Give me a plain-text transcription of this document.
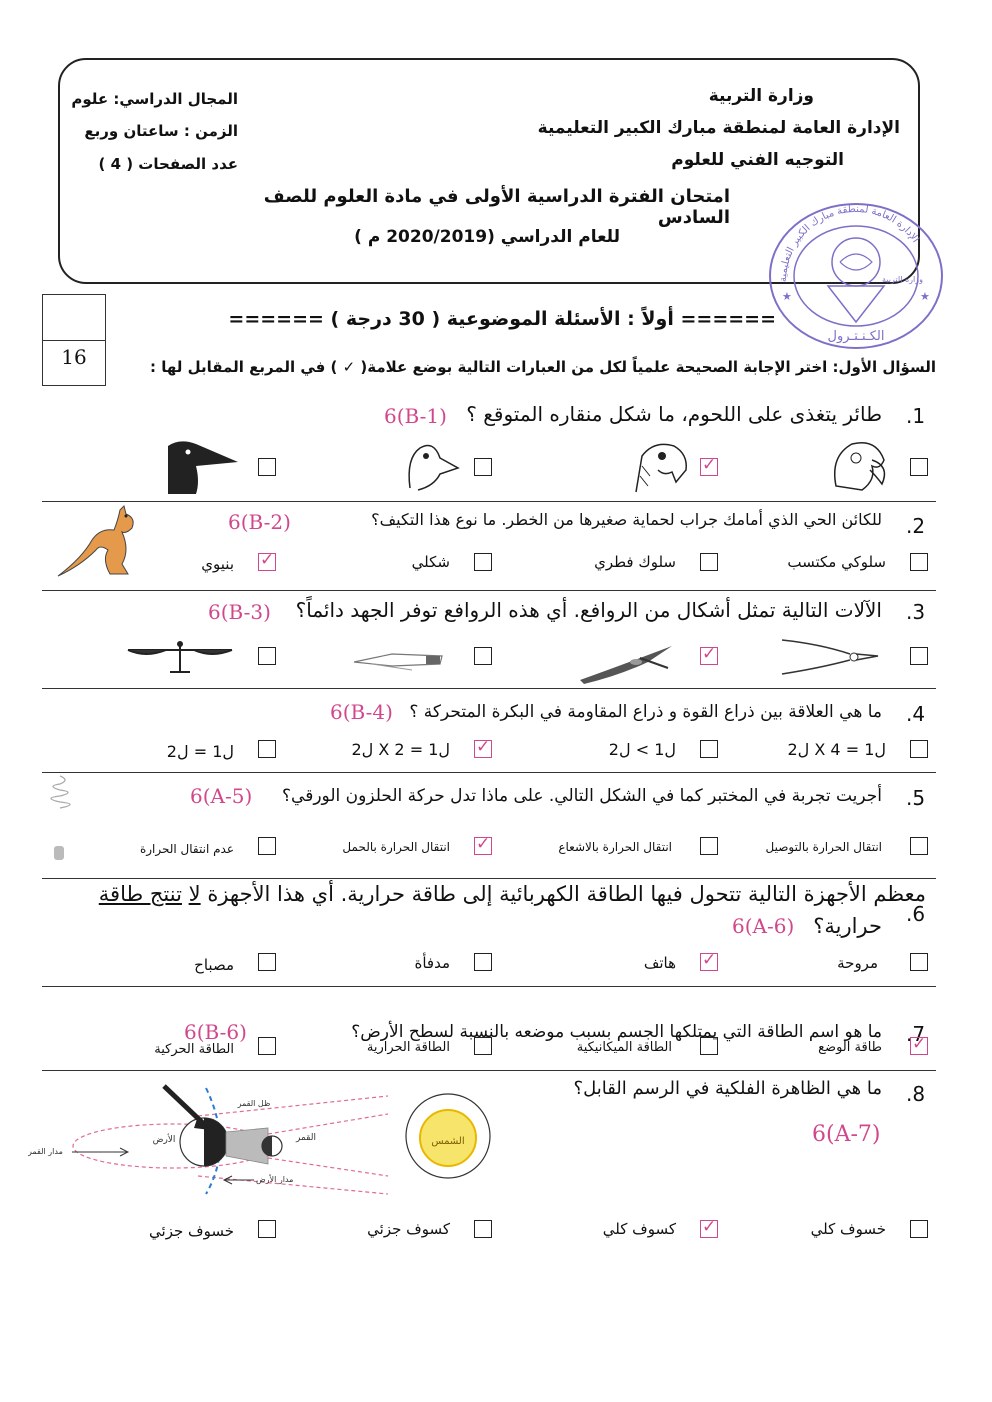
وزارة التربية
الإدارة العامة لمنطقة مبارك الكبير التعليمية
التوجيه الفني للعلوم
المجال الدراسي: علوم
الزمن : ساعتان وربع
عدد الصفحات ( 4 )
امتحان الفترة الدراسية الأولى في مادة العلوم للصف السادس
للعام الدراسي (2020/2019 م )
الإدارة العامة لمنطقة مبارك الكبير التعليمية
وزارة التربية
الكـنـتـرول
★	★
16
====== أولاً : الأسئلة الموضوعية ( 30 درجة ) ======
السؤال الأول: اختر الإجابة الصحيحة علمياً لكل من العبارات التالية بوضع علامة( ✓ ) في المربع المقابل لها :
.1
طائر يتغذى على اللحوم، ما شكل منقاره المتوقع ؟
6(B-1)
✓
.2
للكائن الحي الذي أمامك جراب لحماية صغيرها من الخطر. ما نوع هذا التكيف؟
6(B-2)
سلوكي مكتسب
سلوك فطري
شكلي
✓
بنيوي
.3
الآلات التالية تمثل أشكال من الروافع. أي هذه الروافع توفر الجهد دائماً؟
6(B-3)
✓
.4
ما هي العلاقة بين ذراع القوة و ذراع المقاومة في البكرة المتحركة ؟
6(B-4)
ل1 = 4 X ل2
ل1 > ل2
✓
ل1 = 2 X ل2
ل1 = ل2
.5
أجريت تجربة في المختبر كما في الشكل التالي. على ماذا تدل حركة الحلزون الورقي؟
6(A-5)
انتقال الحرارة بالتوصيل
انتقال الحرارة بالاشعاع
✓
انتقال الحرارة بالحمل
عدم انتقال الحرارة
.6
معظم الأجهزة التالية تتحول فيها الطاقة الكهربائية إلى طاقة حرارية. أي هذا الأجهزة لا تنتج طاقة
حرارية؟
6(A-6)
مروحة
✓
هاتف
مدفأة
مصباح
.7
ما هو اسم الطاقة التي يمتلكها الجسم بسبب موضعه بالنسبة لسطح الأرض؟
6(B-6)
✓
طاقة الوضع
الطاقة الميكانيكية
الطاقة الحرارية
الطاقة الحركية
.8
ما هي الظاهرة الفلكية في الرسم القابل؟
6(A-7)
الشمس
الأرض	القمر
ظل القمر
مدار القمر
مدار الأرض
خسوف كلي
✓
كسوف كلي
كسوف جزئي
خسوف جزئي
